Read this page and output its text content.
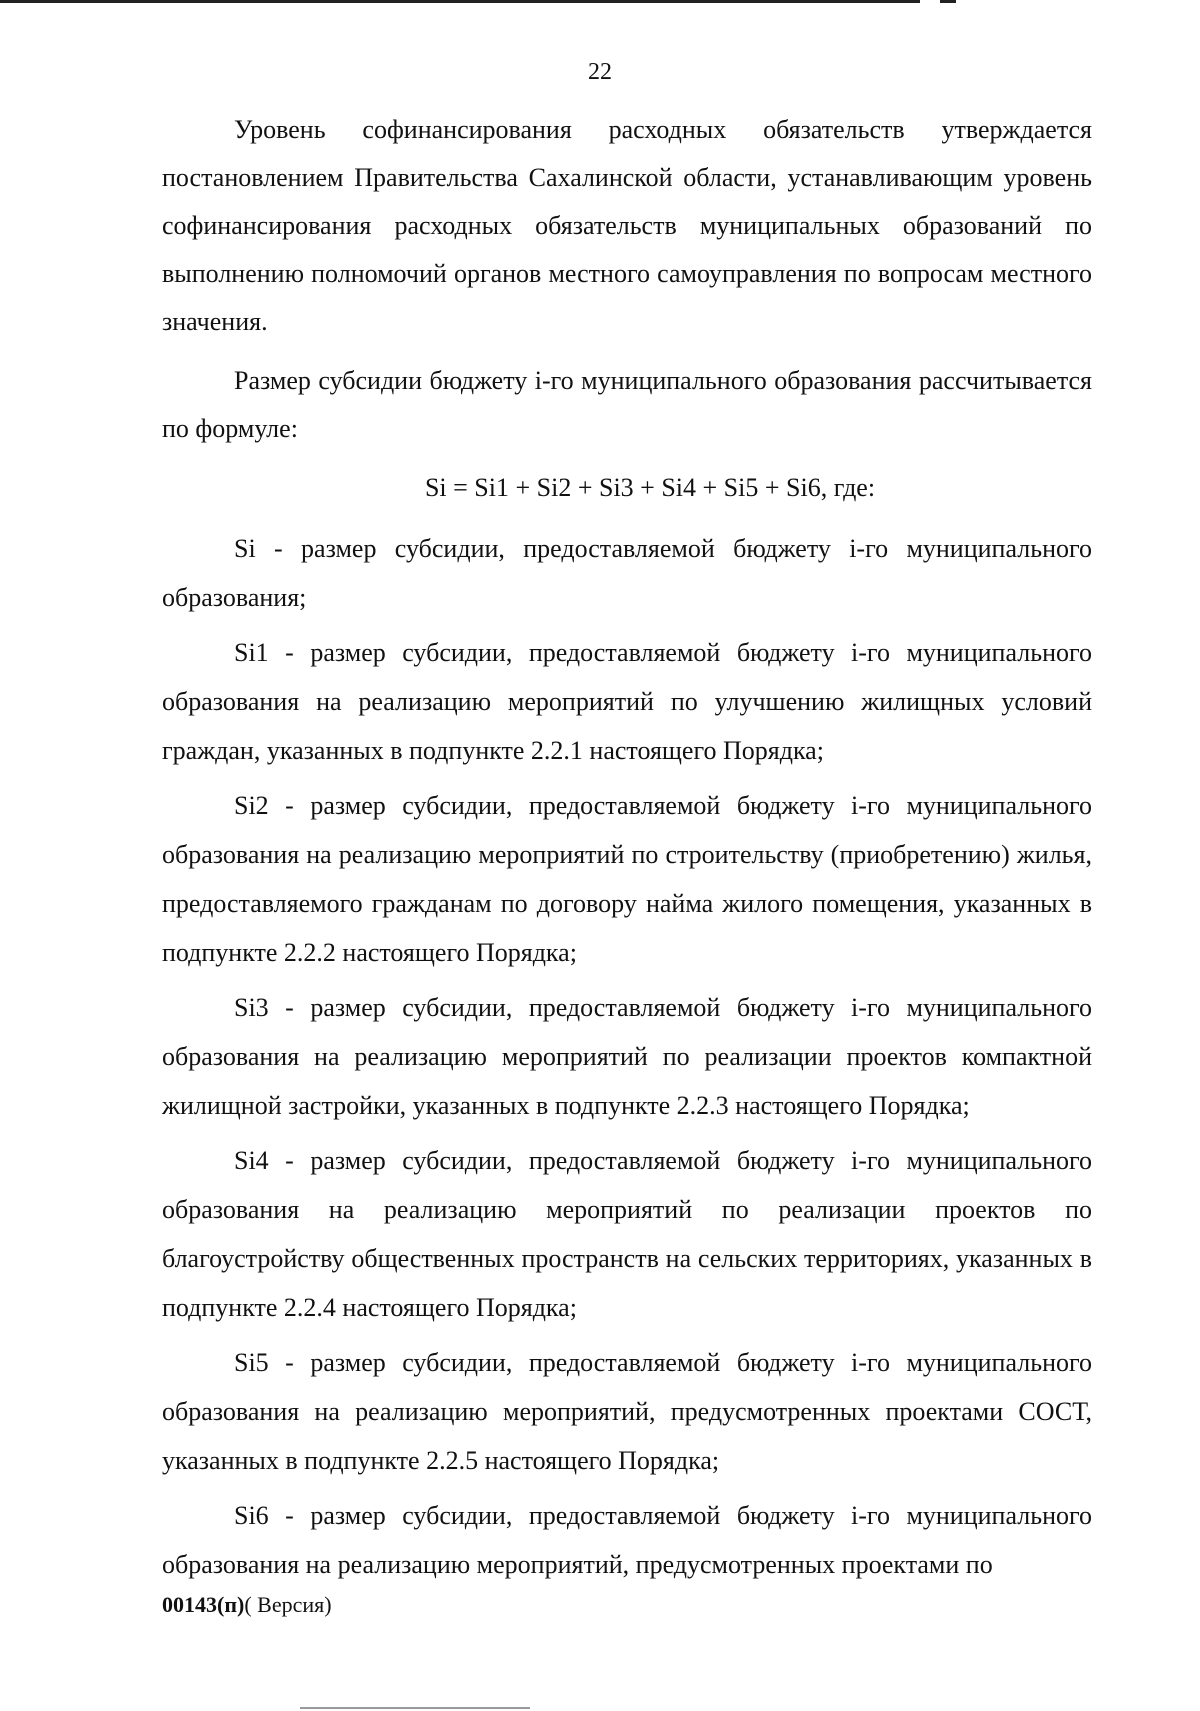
22

Уровень софинансирования расходных обязательств утверждается постановлением Правительства Сахалинской области, устанавливающим уровень софинансирования расходных обязательств муниципальных образований по выполнению полномочий органов местного самоуправления по вопросам местного значения.

Размер субсидии бюджету i-го муниципального образования рассчитывается по формуле:

Si = Si1 + Si2 + Si3 + Si4 + Si5 + Si6, где:

Si - размер субсидии, предоставляемой бюджету i-го муниципального образования;

Si1 - размер субсидии, предоставляемой бюджету i-го муниципального образования на реализацию мероприятий по улучшению жилищных условий граждан, указанных в подпункте 2.2.1 настоящего Порядка;

Si2 - размер субсидии, предоставляемой бюджету i-го муниципального образования на реализацию мероприятий по строительству (приобретению) жилья, предоставляемого гражданам по договору найма жилого помещения, указанных в подпункте 2.2.2 настоящего Порядка;

Si3 - размер субсидии, предоставляемой бюджету i-го муниципального образования на реализацию мероприятий по реализации проектов компактной жилищной застройки, указанных в подпункте 2.2.3 настоящего Порядка;

Si4 - размер субсидии, предоставляемой бюджету i-го муниципального образования на реализацию мероприятий по реализации проектов по благоустройству общественных пространств на сельских территориях, указанных в подпункте 2.2.4 настоящего Порядка;

Si5 - размер субсидии, предоставляемой бюджету i-го муниципального образования на реализацию мероприятий, предусмотренных проектами СОСТ, указанных в подпункте 2.2.5 настоящего Порядка;

Si6 - размер субсидии, предоставляемой бюджету i-го муниципального образования на реализацию мероприятий, предусмотренных проектами по

00143(п)( Версия)
